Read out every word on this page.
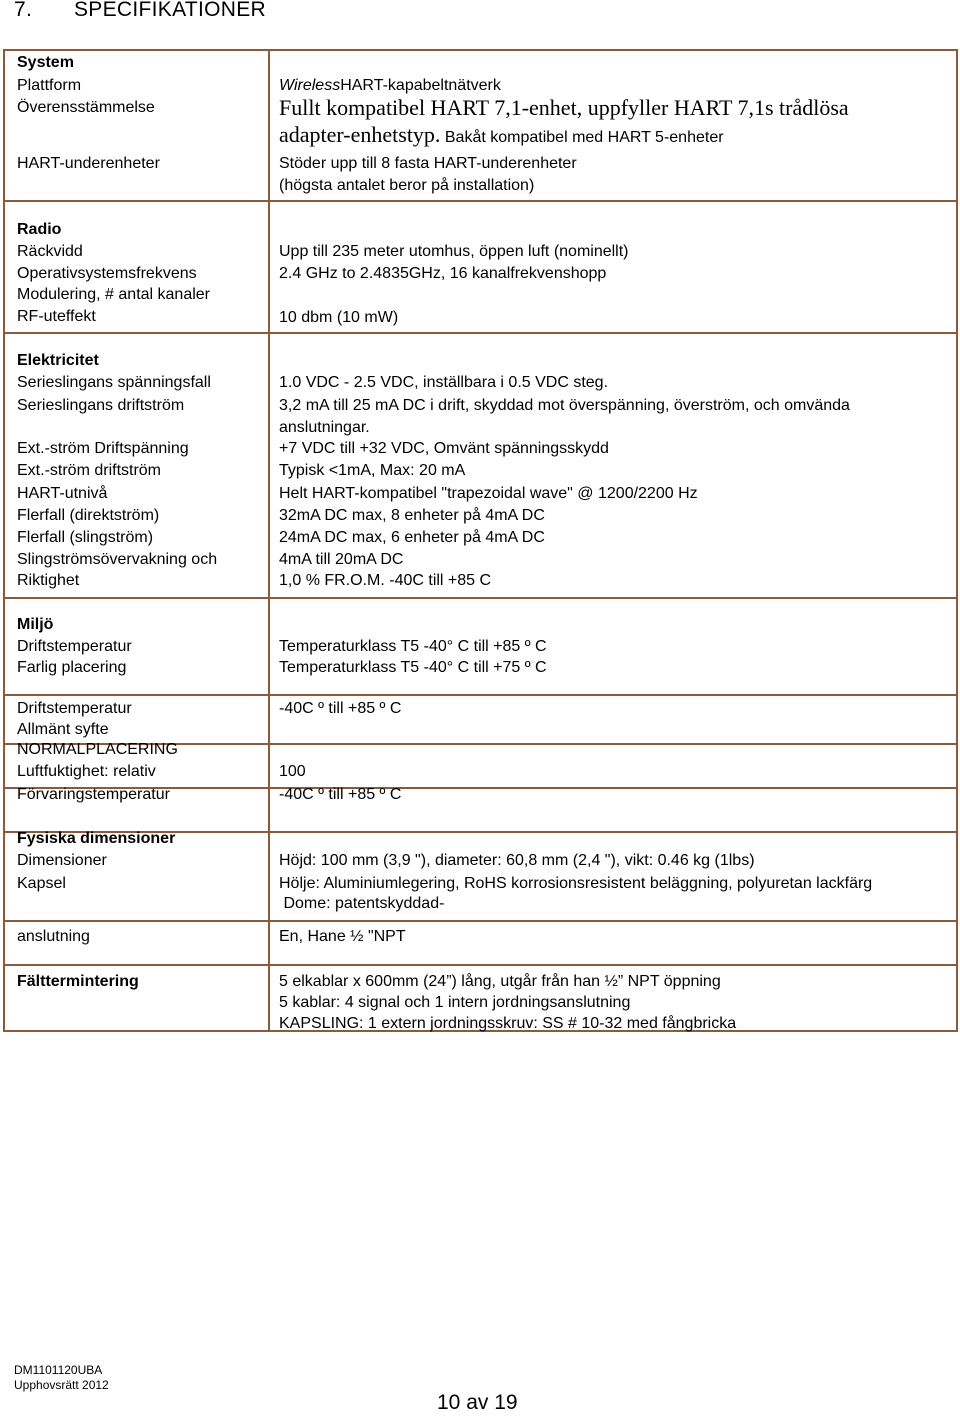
7. SPECIFIKATIONER
System
Plattform	WirelessHART-kapabeltnätverk
Överensstämmelse	Fullt kompatibel HART 7,1-enhet, uppfyller HART 7,1s trådlösa
adapter-enhetstyp. Bakåt kompatibel med HART 5-enheter
HART-underenheter	Stöder upp till 8 fasta HART-underenheter
(högsta antalet beror på installation)
Radio
Räckvidd	Upp till 235 meter utomhus, öppen luft (nominellt)
Operativsystemsfrekvens	2.4 GHz to 2.4835GHz, 16 kanalfrekvenshopp
Modulering, # antal kanaler
RF-uteffekt	10 dbm (10 mW)
Elektricitet
Serieslingans spänningsfall	1.0 VDC - 2.5 VDC, inställbara i 0.5 VDC steg.
Serieslingans driftström	3,2 mA till 25 mA DC i drift, skyddad mot överspänning, överström, och omvända
anslutningar.
Ext.-ström Driftspänning	+7 VDC till +32 VDC, Omvänt spänningsskydd
Ext.-ström driftström	Typisk <1mA, Max: 20 mA
HART-utnivå	Helt HART-kompatibel "trapezoidal wave" @ 1200/2200 Hz
Flerfall (direktström)	32mA DC max, 8 enheter på 4mA DC
Flerfall (slingström)	24mA DC max, 6 enheter på 4mA DC
Slingströmsövervakning och	4mA till 20mA DC
Riktighet	1,0 % FR.O.M. -40C till +85 C
Miljö
Driftstemperatur	Temperaturklass T5 -40° C till +85 º C
Farlig placering	Temperaturklass T5 -40° C till +75 º C
Driftstemperatur	-40C º till +85 º C
Allmänt syfte
NORMALPLACERING
Luftfuktighet: relativ	100
Förvaringstemperatur	-40C º till +85 º C
Fysiska dimensioner
Dimensioner	Höjd: 100 mm (3,9 "), diameter: 60,8 mm (2,4 "), vikt: 0.46 kg (1lbs)
Kapsel	Hölje: Aluminiumlegering, RoHS korrosionsresistent beläggning, polyuretan lackfärg
Dome: patentskyddad-
anslutning	En, Hane ½ "NPT
Fälttermintering	5 elkablar x 600mm (24”) lång, utgår från han ½” NPT öppning
5 kablar: 4 signal och 1 intern jordningsanslutning
KAPSLING: 1 extern jordningsskruv: SS # 10-32 med fångbricka
DM1101120UBA
Upphovsrätt 2012
10 av 19
